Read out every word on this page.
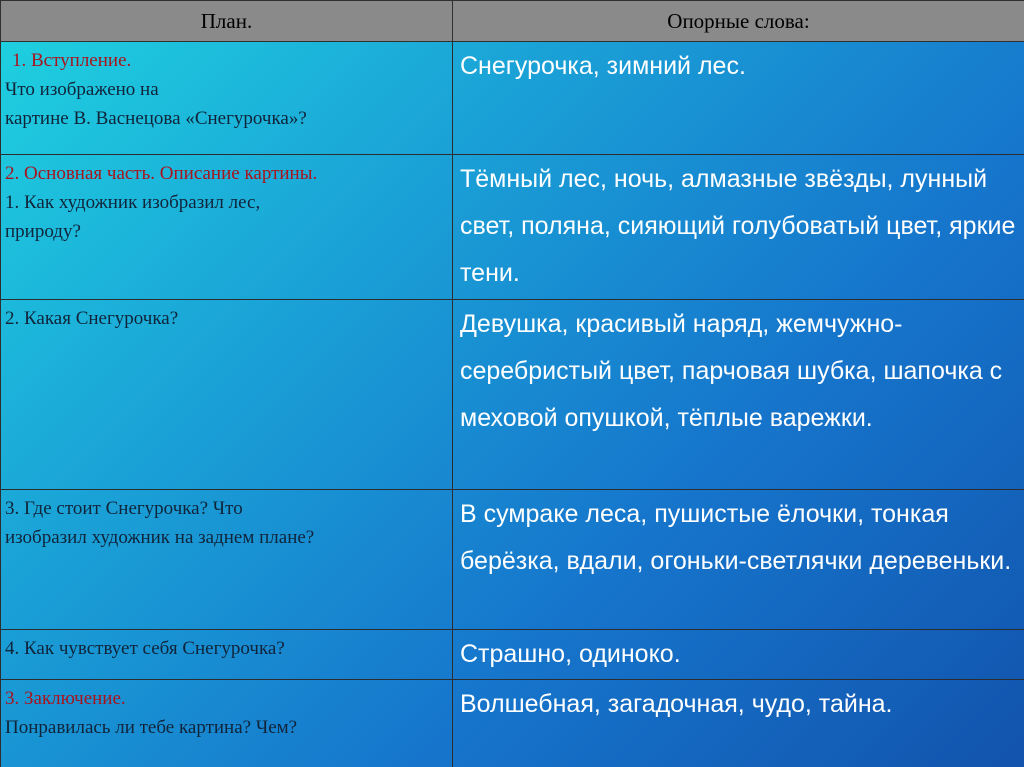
План.	Опорные слова:

1. Вступление.
Что изображено на
картине В. Васнецова «Снегурочка»?	Снегурочка, зимний лес.

2. Основная часть. Описание картины.
1. Как художник изобразил лес,
природу?	Тёмный лес, ночь, алмазные звёзды, лунный свет, поляна, сияющий голубоватый цвет, яркие тени.

2. Какая Снегурочка?	Девушка, красивый наряд, жемчужно-серебристый цвет, парчовая шубка, шапочка с меховой опушкой, тёплые варежки.

3. Где стоит Снегурочка? Что
изобразил художник на заднем плане?	В сумраке леса, пушистые ёлочки, тонкая берёзка, вдали, огоньки-светлячки деревеньки.

4. Как чувствует себя Снегурочка?	Страшно, одиноко.

3. Заключение.
Понравилась ли тебе картина? Чем?	Волшебная, загадочная, чудо, тайна.
